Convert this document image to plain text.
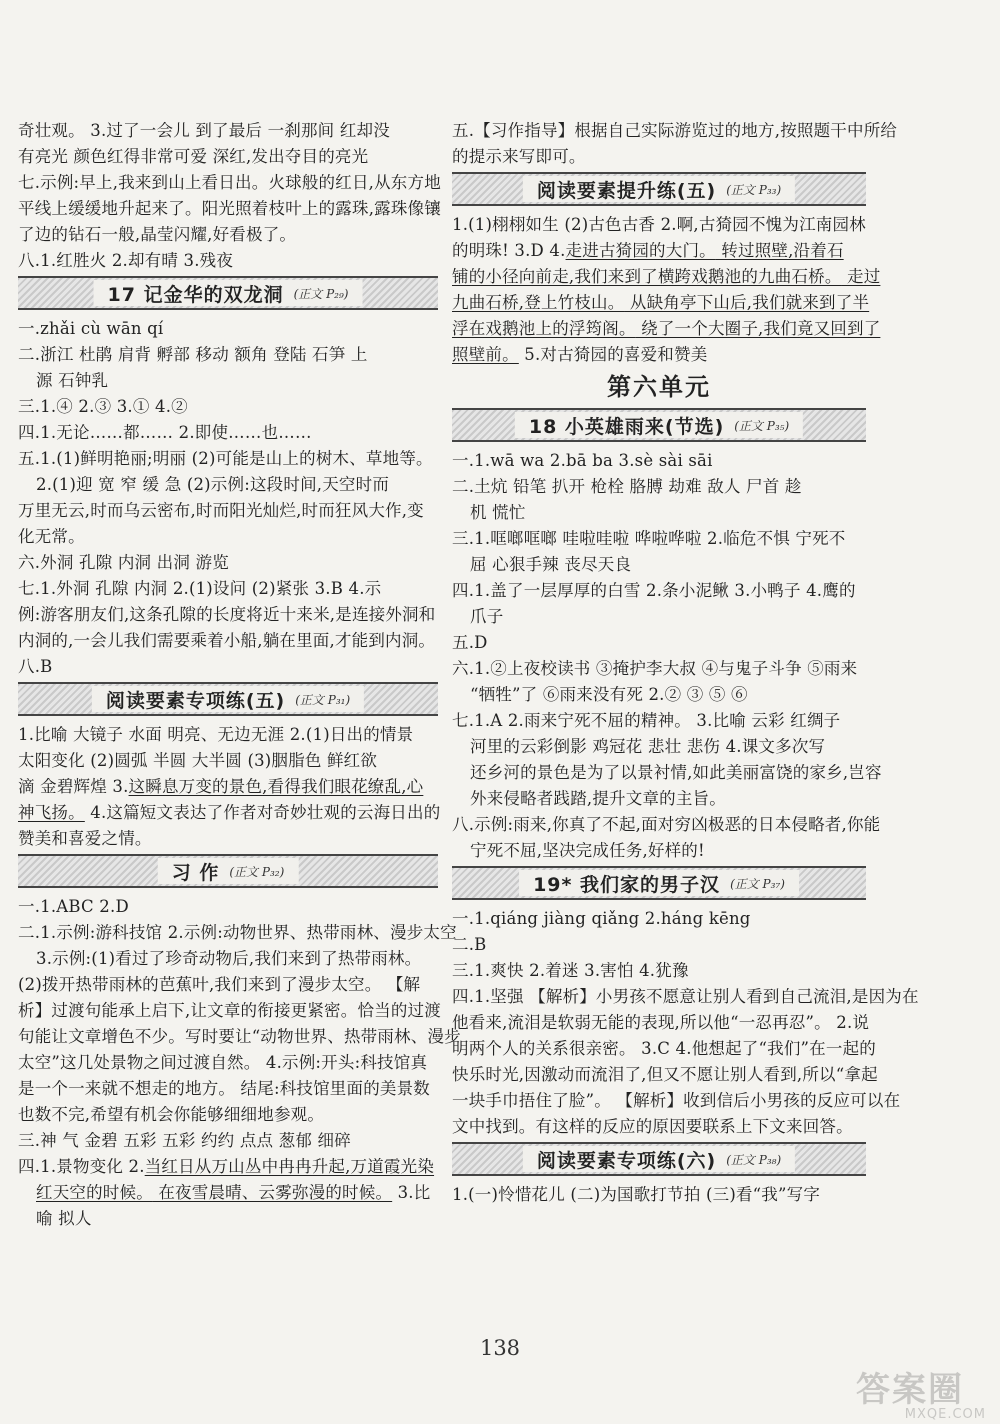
奇壮观。 3.过了一会儿 到了最后 一刹那间 红却没
有亮光 颜色红得非常可爱 深红,发出夺目的亮光
七.示例:早上,我来到山上看日出。火球般的红日,从东方地
平线上缓缓地升起来了。阳光照着枝叶上的露珠,露珠像镶
了边的钻石一般,晶莹闪耀,好看极了。
八.1.红胜火 2.却有晴 3.残夜
17 记金华的双龙洞 (正文 P₂₉)
一.zhǎi cù wān qí
二.浙江 杜鹃 肩背 孵部 移动 额角 登陆 石笋 上
源 石钟乳
三.1.④ 2.③ 3.① 4.②
四.1.无论……都…… 2.即使……也……
五.1.(1)鲜明艳丽;明丽 (2)可能是山上的树木、草地等。
2.(1)迎 宽 窄 缓 急 (2)示例:这段时间,天空时而
万里无云,时而乌云密布,时而阳光灿烂,时而狂风大作,变
化无常。
六.外洞 孔隙 内洞 出洞 游览
七.1.外洞 孔隙 内洞 2.(1)设问 (2)紧张 3.B 4.示
例:游客朋友们,这条孔隙的长度将近十来米,是连接外洞和
内洞的,一会儿我们需要乘着小船,躺在里面,才能到内洞。
八.B
阅读要素专项练(五) (正文 P₃₁)
1.比喻 大镜子 水面 明亮、无边无涯 2.(1)日出的情景
太阳变化 (2)圆弧 半圆 大半圆 (3)胭脂色 鲜红欲
滴 金碧辉煌 3.这瞬息万变的景色,看得我们眼花缭乱,心
神飞扬。 4.这篇短文表达了作者对奇妙壮观的云海日出的
赞美和喜爱之情。
习 作 (正文 P₃₂)
一.1.ABC 2.D
二.1.示例:游科技馆 2.示例:动物世界、热带雨林、漫步太空
3.示例:(1)看过了珍奇动物后,我们来到了热带雨林。
(2)拨开热带雨林的芭蕉叶,我们来到了漫步太空。 【解
析】过渡句能承上启下,让文章的衔接更紧密。恰当的过渡
句能让文章增色不少。写时要让“动物世界、热带雨林、漫步
太空”这几处景物之间过渡自然。 4.示例:开头:科技馆真
是一个一来就不想走的地方。 结尾:科技馆里面的美景数
也数不完,希望有机会你能够细细地参观。
三.神 气 金碧 五彩 五彩 约约 点点 葱郁 细碎
四.1.景物变化 2.当红日从万山丛中冉冉升起,万道霞光染
红天空的时候。 在夜雪晨晴、云雾弥漫的时候。 3.比
喻 拟人
五.【习作指导】根据自己实际游览过的地方,按照题干中所给
的提示来写即可。
阅读要素提升练(五) (正文 P₃₃)
1.(1)栩栩如生 (2)古色古香 2.啊,古猗园不愧为江南园林
的明珠! 3.D 4.走进古猗园的大门。 转过照壁,沿着石
铺的小径向前走,我们来到了横跨戏鹅池的九曲石桥。 走过
九曲石桥,登上竹枝山。 从缺角亭下山后,我们就来到了半
浮在戏鹅池上的浮筠阁。 绕了一个大圈子,我们竟又回到了
照壁前。 5.对古猗园的喜爱和赞美
第六单元
18 小英雄雨来(节选) (正文 P₃₅)
一.1.wā wa 2.bā ba 3.sè sài sāi
二.土炕 铅笔 扒开 枪栓 胳膊 劫难 敌人 尸首 趁
机 慌忙
三.1.哐啷哐啷 哇啦哇啦 哗啦哗啦 2.临危不惧 宁死不
屈 心狠手辣 丧尽天良
四.1.盖了一层厚厚的白雪 2.条小泥鳅 3.小鸭子 4.鹰的
爪子
五.D
六.1.②上夜校读书 ③掩护李大叔 ④与鬼子斗争 ⑤雨来
“牺牲”了 ⑥雨来没有死 2.② ③ ⑤ ⑥
七.1.A 2.雨来宁死不屈的精神。 3.比喻 云彩 红绸子
河里的云彩倒影 鸡冠花 悲壮 悲伤 4.课文多次写
还乡河的景色是为了以景衬情,如此美丽富饶的家乡,岂容
外来侵略者践踏,提升文章的主旨。
八.示例:雨来,你真了不起,面对穷凶极恶的日本侵略者,你能
宁死不屈,坚决完成任务,好样的!
19* 我们家的男子汉 (正文 P₃₇)
一.1.qiáng jiàng qiǎng 2.háng kēng
二.B
三.1.爽快 2.着迷 3.害怕 4.犹豫
四.1.坚强 【解析】小男孩不愿意让别人看到自己流泪,是因为在
他看来,流泪是软弱无能的表现,所以他“一忍再忍”。 2.说
明两个人的关系很亲密。 3.C 4.他想起了“我们”在一起的
快乐时光,因激动而流泪了,但又不愿让别人看到,所以“拿起
一块手巾捂住了脸”。 【解析】收到信后小男孩的反应可以在
文中找到。有这样的反应的原因要联系上下文来回答。
阅读要素专项练(六) (正文 P₃₈)
1.(一)怜惜花儿 (二)为国歌打节拍 (三)看“我”写字
138
答案圈
MXQE.COM
